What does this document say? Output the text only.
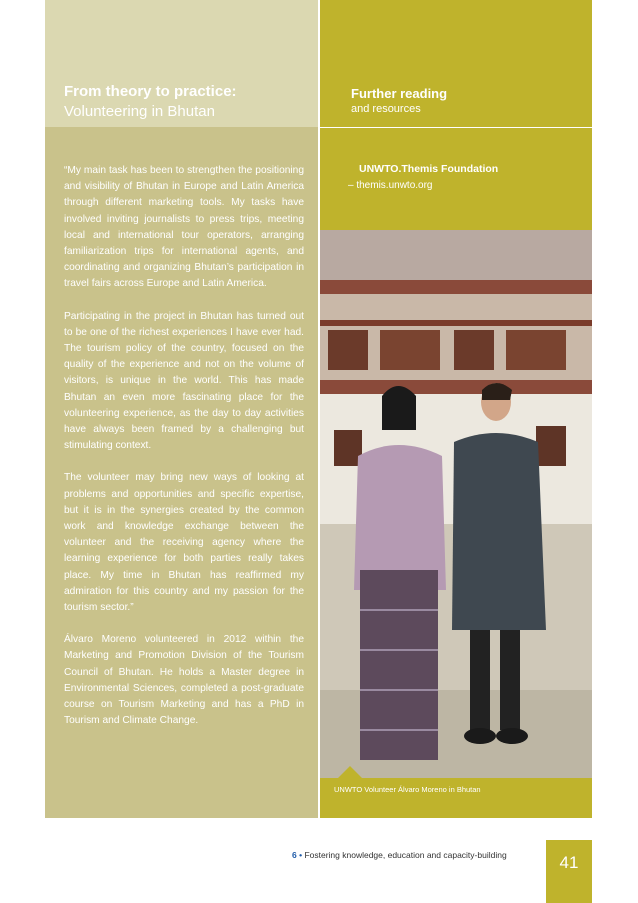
From theory to practice:
Volunteering in Bhutan

“My main task has been to strengthen the positioning and visibility of Bhutan in Europe and Latin America through different marketing tools. My tasks have involved inviting journalists to press trips, meeting local and international tour operators, arranging familiarization trips for international agents, and coordinating and organizing Bhutan’s participation in travel fairs across Europe and Latin America.

Participating in the project in Bhutan has turned out to be one of the richest experiences I have ever had. The tourism policy of the country, focused on the quality of the experience and not on the volume of visitors, is unique in the world. This has made Bhutan an even more fascinating place for the volunteering experience, as the day to day activities have always been framed by a challenging but stimulating context.

The volunteer may bring new ways of looking at problems and opportunities and specific expertise, but it is in the synergies created by the common work and knowledge exchange between the volunteer and the receiving agency where the learning experience for both parties really takes place. My time in Bhutan has reaffirmed my admiration for this country and my passion for the tourism sector.”

Álvaro Moreno volunteered in 2012 within the Marketing and Promotion Division of the Tourism Council of Bhutan. He holds a Master degree in Environmental Sciences, completed a post-graduate course on Tourism Marketing and has a PhD in Tourism and Climate Change.

Further reading
and resources
UNWTO.Themis Foundation
– themis.unwto.org
UNWTO Volunteer Álvaro Moreno in Bhutan
6 • Fostering knowledge, education and capacity-building	41
